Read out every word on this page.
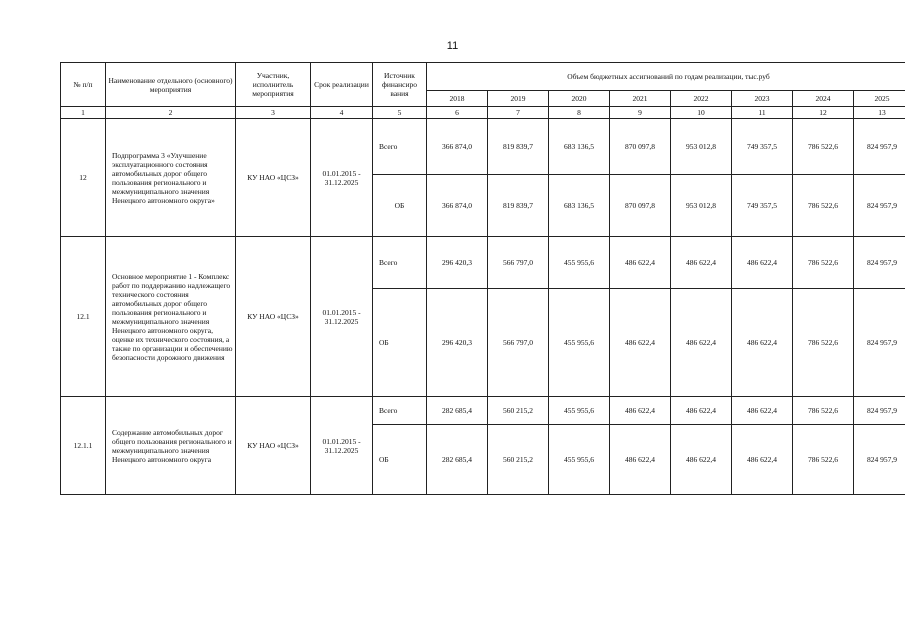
11
№ п/п	Наименование отдельного (основного) мероприятия	Участник, исполнитель мероприятия	Срок реализации	Источник финансиро вания	Объем бюджетных ассигнований по годам реализации, тыс.руб							
					2018	2019	2020	2021	2022	2023	2024	2025
1	2	3	4	5	6	7	8	9	10	11	12	13
12	Подпрограмма 3 «Улучшение эксплуатационного состояния автомобильных дорог общего пользования регионального и межмуниципального значения Ненецкого автономного округа»	КУ НАО «ЦСЗ»	01.01.2015 - 31.12.2025	Всего	366 874,0	819 839,7	683 136,5	870 097,8	953 012,8	749 357,5	786 522,6	824 957,9
				ОБ	366 874,0	819 839,7	683 136,5	870 097,8	953 012,8	749 357,5	786 522,6	824 957,9
12.1	Основное мероприятие 1 - Комплекс работ по поддержанию надлежащего технического состояния автомобильных дорог общего пользования регионального и межмуниципального значения Ненецкого автономного округа, оценке их технического состояния, а также по организации и обеспечению безопасности дорожного движения	КУ НАО «ЦСЗ»	01.01.2015 - 31.12.2025	Всего	296 420,3	566 797,0	455 955,6	486 622,4	486 622,4	486 622,4	786 522,6	824 957,9
				ОБ	296 420,3	566 797,0	455 955,6	486 622,4	486 622,4	486 622,4	786 522,6	824 957,9
12.1.1	Содержание автомобильных дорог общего пользования регионального и межмуниципального значения Ненецкого автономного округа	КУ НАО «ЦСЗ»	01.01.2015 - 31.12.2025	Всего	282 685,4	560 215,2	455 955,6	486 622,4	486 622,4	486 622,4	786 522,6	824 957,9
				ОБ	282 685,4	560 215,2	455 955,6	486 622,4	486 622,4	486 622,4	786 522,6	824 957,9
